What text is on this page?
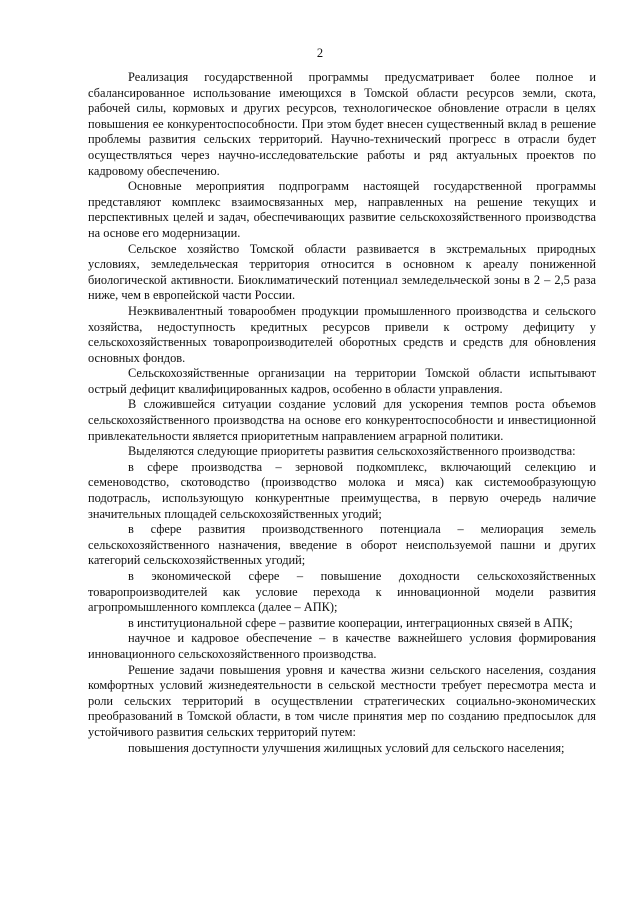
2

Реализация государственной программы предусматривает более полное и сбалансированное использование имеющихся в Томской области ресурсов земли, скота, рабочей силы, кормовых и других ресурсов, технологическое обновление отрасли в целях повышения ее конкурентоспособности. При этом будет внесен существенный вклад в решение проблемы развития сельских территорий. Научно-технический прогресс в отрасли будет осуществляться через научно-исследовательские работы и ряд актуальных проектов по кадровому обеспечению.

Основные мероприятия подпрограмм настоящей государственной программы представляют комплекс взаимосвязанных мер, направленных на решение текущих и перспективных целей и задач, обеспечивающих развитие сельскохозяйственного производства на основе его модернизации.

Сельское хозяйство Томской области развивается в экстремальных природных условиях, земледельческая территория относится в основном к ареалу пониженной биологической активности. Биоклиматический потенциал земледельческой зоны в 2 – 2,5 раза ниже, чем в европейской части России.

Неэквивалентный товарообмен продукции промышленного производства и сельского хозяйства, недоступность кредитных ресурсов привели к острому дефициту у сельскохозяйственных товаропроизводителей оборотных средств и средств для обновления основных фондов.

Сельскохозяйственные организации на территории Томской области испытывают острый дефицит квалифицированных кадров, особенно в области управления.

В сложившейся ситуации создание условий для ускорения темпов роста объемов сельскохозяйственного производства на основе его конкурентоспособности и инвестиционной привлекательности является приоритетным направлением аграрной политики.

Выделяются следующие приоритеты развития сельскохозяйственного производства:

в сфере производства – зерновой подкомплекс, включающий селекцию и семеноводство, скотоводство (производство молока и мяса) как системообразующую подотрасль, использующую конкурентные преимущества, в первую очередь наличие значительных площадей сельскохозяйственных угодий;

в сфере развития производственного потенциала – мелиорация земель сельскохозяйственного назначения, введение в оборот неиспользуемой пашни и других категорий сельскохозяйственных угодий;

в экономической сфере – повышение доходности сельскохозяйственных товаропроизводителей как условие перехода к инновационной модели развития агропромышленного комплекса (далее – АПК);

в институциональной сфере – развитие кооперации, интеграционных связей в АПК;

научное и кадровое обеспечение – в качестве важнейшего условия формирования инновационного сельскохозяйственного производства.

Решение задачи повышения уровня и качества жизни сельского населения, создания комфортных условий жизнедеятельности в сельской местности требует пересмотра места и роли сельских территорий в осуществлении стратегических социально-экономических преобразований в Томской области, в том числе принятия мер по созданию предпосылок для устойчивого развития сельских территорий путем:

повышения доступности улучшения жилищных условий для сельского населения;
